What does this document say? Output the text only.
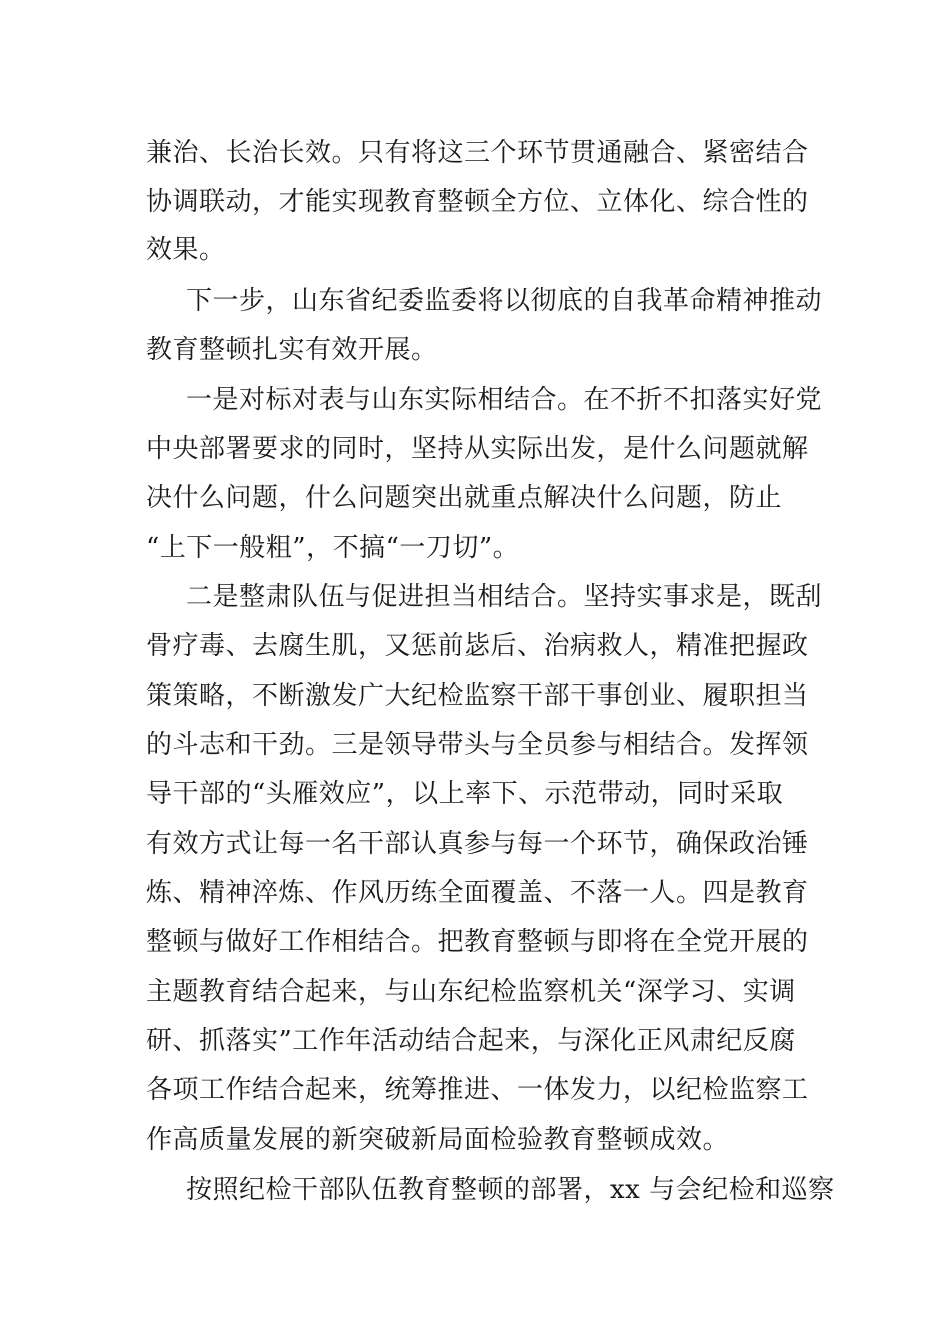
兼治、长治长效。只有将这三个环节贯通融合、紧密结合
协调联动，才能实现教育整顿全方位、立体化、综合性的
效果。
下一步，山东省纪委监委将以彻底的自我革命精神推动
教育整顿扎实有效开展。
一是对标对表与山东实际相结合。在不折不扣落实好党
中央部署要求的同时，坚持从实际出发，是什么问题就解
决什么问题，什么问题突出就重点解决什么问题，防止
“上下一般粗”，不搞“一刀切”。
二是整肃队伍与促进担当相结合。坚持实事求是，既刮
骨疗毒、去腐生肌，又惩前毖后、治病救人，精准把握政
策策略，不断激发广大纪检监察干部干事创业、履职担当
的斗志和干劲。三是领导带头与全员参与相结合。发挥领
导干部的“头雁效应”，以上率下、示范带动，同时采取
有效方式让每一名干部认真参与每一个环节，确保政治锤
炼、精神淬炼、作风历练全面覆盖、不落一人。四是教育
整顿与做好工作相结合。把教育整顿与即将在全党开展的
主题教育结合起来，与山东纪检监察机关“深学习、实调
研、抓落实”工作年活动结合起来，与深化正风肃纪反腐
各项工作结合起来，统筹推进、一体发力，以纪检监察工
作高质量发展的新突破新局面检验教育整顿成效。
按照纪检干部队伍教育整顿的部署，xx 与会纪检和巡察
